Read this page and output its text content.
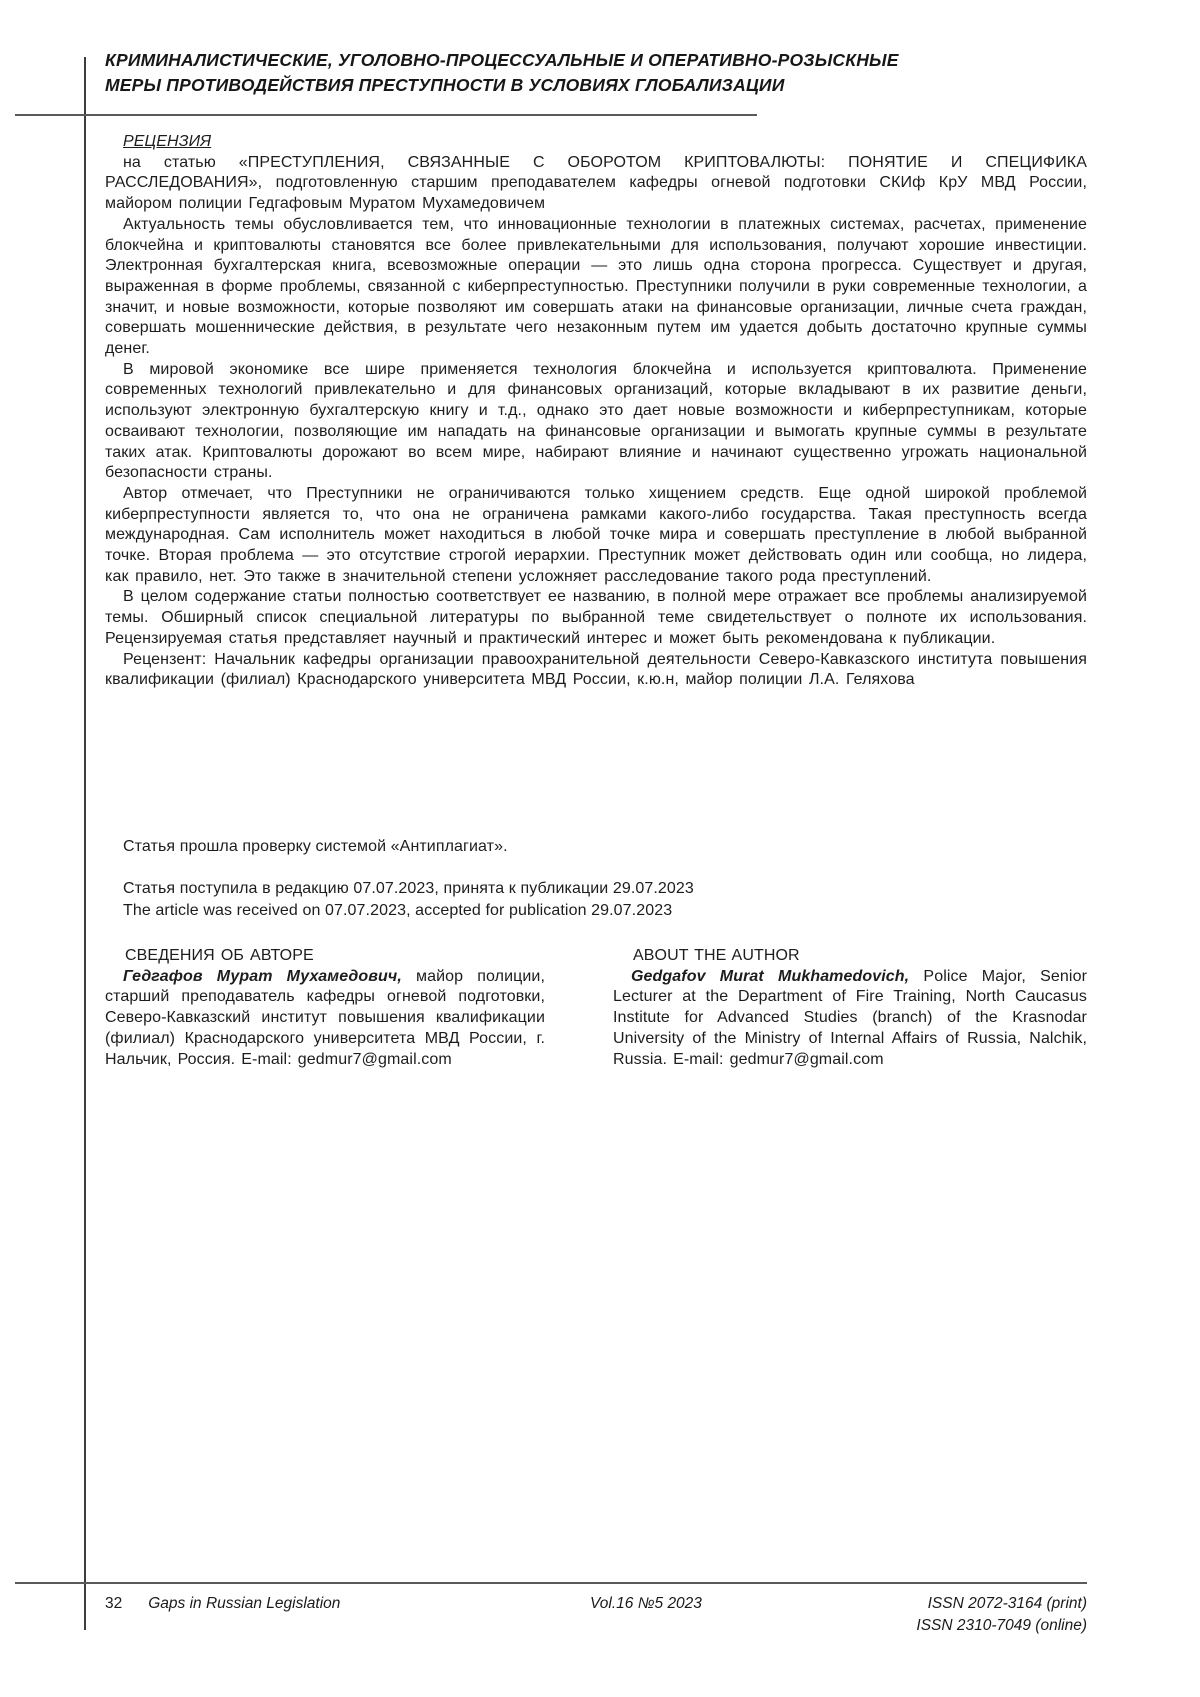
КРИМИНАЛИСТИЧЕСКИЕ, УГОЛОВНО-ПРОЦЕССУАЛЬНЫЕ И ОПЕРАТИВНО-РОЗЫСКНЫЕ
МЕРЫ ПРОТИВОДЕЙСТВИЯ ПРЕСТУПНОСТИ В УСЛОВИЯХ ГЛОБАЛИЗАЦИИ

РЕЦЕНЗИЯ

на статью «ПРЕСТУПЛЕНИЯ, СВЯЗАННЫЕ С ОБОРОТОМ КРИПТОВАЛЮТЫ: ПОНЯТИЕ И СПЕЦИФИКА РАССЛЕДОВАНИЯ», подготовленную старшим преподавателем кафедры огневой подготовки СКИф КрУ МВД России, майором полиции Гедгафовым Муратом Мухамедовичем

Актуальность темы обусловливается тем, что инновационные технологии в платежных системах, расчетах, применение блокчейна и криптовалюты становятся все более привлекательными для использования, получают хорошие инвестиции. Электронная бухгалтерская книга, всевозможные операции — это лишь одна сторона прогресса. Существует и другая, выраженная в форме проблемы, связанной с киберпреступностью. Преступники получили в руки современные технологии, а значит, и новые возможности, которые позволяют им совершать атаки на финансовые организации, личные счета граждан, совершать мошеннические действия, в результате чего незаконным путем им удается добыть достаточно крупные суммы денег.

В мировой экономике все шире применяется технология блокчейна и используется криптовалюта. Применение современных технологий привлекательно и для финансовых организаций, которые вкладывают в их развитие деньги, используют электронную бухгалтерскую книгу и т.д., однако это дает новые возможности и киберпреступникам, которые осваивают технологии, позволяющие им нападать на финансовые организации и вымогать крупные суммы в результате таких атак. Криптовалюты дорожают во всем мире, набирают влияние и начинают существенно угрожать национальной безопасности страны.

Автор отмечает, что Преступники не ограничиваются только хищением средств. Еще одной широкой проблемой киберпреступности является то, что она не ограничена рамками какого-либо государства. Такая преступность всегда международная. Сам исполнитель может находиться в любой точке мира и совершать преступление в любой выбранной точке. Вторая проблема — это отсутствие строгой иерархии. Преступник может действовать один или сообща, но лидера, как правило, нет. Это также в значительной степени усложняет расследование такого рода преступлений.

В целом содержание статьи полностью соответствует ее названию, в полной мере отражает все проблемы анализируемой темы. Обширный список специальной литературы по выбранной теме свидетельствует о полноте их использования. Рецензируемая статья представляет научный и практический интерес и может быть рекомендована к публикации.

Рецензент: Начальник кафедры организации правоохранительной деятельности Северо-Кавказского института повышения квалификации (филиал) Краснодарского университета МВД России, к.ю.н, майор полиции Л.А. Геляхова

Статья прошла проверку системой «Антиплагиат».
Статья поступила в редакцию 07.07.2023, принята к публикации 29.07.2023
The article was received on 07.07.2023, accepted for publication 29.07.2023
СВЕДЕНИЯ ОБ АВТОРЕ

Гедгафов Мурат Мухамедович, майор полиции, старший преподаватель кафедры огневой подготовки, Северо-Кавказский институт повышения квалификации (филиал) Краснодарского университета МВД России, г. Нальчик, Россия. E-mail: gedmur7@gmail.com

ABOUT THE AUTHOR

Gedgafov Murat Mukhamedovich, Police Major, Senior Lecturer at the Department of Fire Training, North Caucasus Institute for Advanced Studies (branch) of the Krasnodar University of the Ministry of Internal Affairs of Russia, Nalchik, Russia. E-mail: gedmur7@gmail.com

32 Gaps in Russian Legislation	Vol.16 №5 2023	ISSN 2072-3164 (print)
ISSN 2310-7049 (online)
